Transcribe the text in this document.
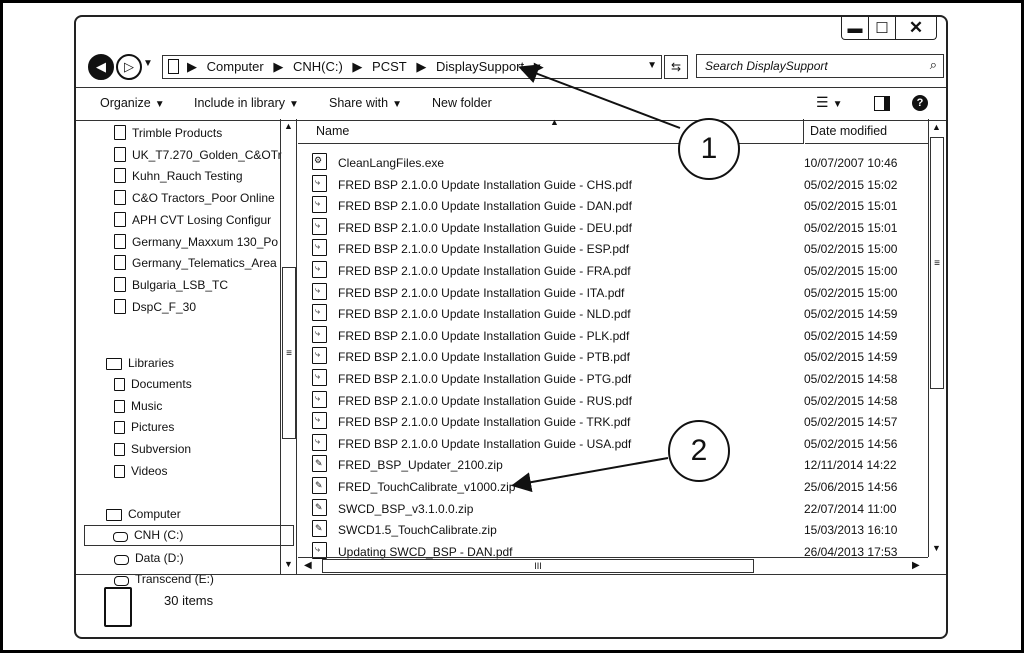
▬ ☐	✕
◀ ▷ ▼	▶ Computer ▶ CNH(C:) ▶ PCST ▶ DisplaySupport ▶	▼ ⇆ Search DisplaySupport	⌕
Organize ▼ Include in library ▼ Share with ▼ New folder	☰ ▼	?
Trimble Products
UK_T7.270_Golden_C&OTr
Kuhn_Rauch Testing
C&O Tractors_Poor Online
APH CVT Losing Configur
Germany_Maxxum 130_Po
Germany_Telematics_Area
Bulgaria_LSB_TC
DspC_F_30
Libraries
Documents
Music
Pictures
Subversion
Videos
Computer
CNH (C:)
Data (D:)
Transcend (E:)
▲
≡
▼
Name
▲
Date modified
⚙ CleanLangFiles.exe	10/07/2007 10:46
⤷ FRED BSP 2.1.0.0 Update Installation Guide - CHS.pdf	05/02/2015 15:02
⤷ FRED BSP 2.1.0.0 Update Installation Guide - DAN.pdf	05/02/2015 15:01
⤷ FRED BSP 2.1.0.0 Update Installation Guide - DEU.pdf	05/02/2015 15:01
⤷ FRED BSP 2.1.0.0 Update Installation Guide - ESP.pdf	05/02/2015 15:00
⤷ FRED BSP 2.1.0.0 Update Installation Guide - FRA.pdf	05/02/2015 15:00
⤷ FRED BSP 2.1.0.0 Update Installation Guide - ITA.pdf	05/02/2015 15:00
⤷ FRED BSP 2.1.0.0 Update Installation Guide - NLD.pdf	05/02/2015 14:59
⤷ FRED BSP 2.1.0.0 Update Installation Guide - PLK.pdf	05/02/2015 14:59
⤷ FRED BSP 2.1.0.0 Update Installation Guide - PTB.pdf	05/02/2015 14:59
⤷ FRED BSP 2.1.0.0 Update Installation Guide - PTG.pdf	05/02/2015 14:58
⤷ FRED BSP 2.1.0.0 Update Installation Guide - RUS.pdf	05/02/2015 14:58
⤷ FRED BSP 2.1.0.0 Update Installation Guide - TRK.pdf	05/02/2015 14:57
⤷ FRED BSP 2.1.0.0 Update Installation Guide - USA.pdf	05/02/2015 14:56
✎ FRED_BSP_Updater_2100.zip	12/11/2014 14:22
✎ FRED_TouchCalibrate_v1000.zip	25/06/2015 14:56
✎ SWCD_BSP_v3.1.0.0.zip	22/07/2014 11:00
✎ SWCD1.5_TouchCalibrate.zip	15/03/2013 16:10
⤷ Updating SWCD_BSP - DAN.pdf	26/04/2013 17:53
▲
≡
▼
◀	III	▶
30 items
1
2
